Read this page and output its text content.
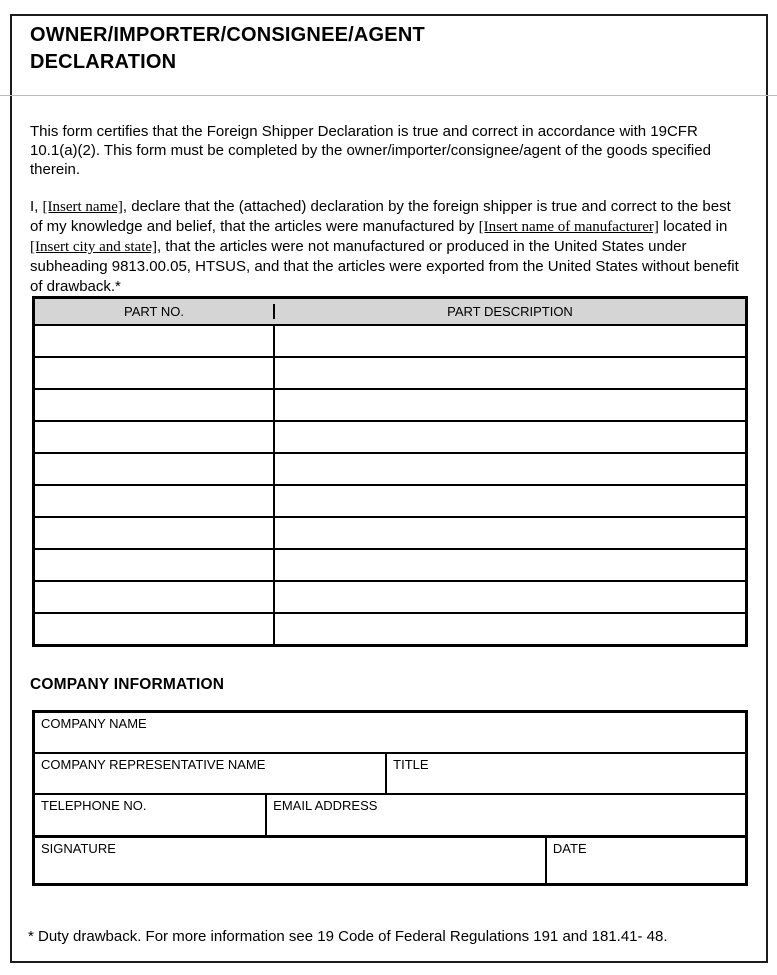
OWNER/IMPORTER/CONSIGNEE/AGENT
DECLARATION

This form certifies that the Foreign Shipper Declaration is true and correct in accordance with 19CFR 10.1(a)(2). This form must be completed by the owner/importer/consignee/agent of the goods specified therein.

I, [Insert name], declare that the (attached) declaration by the foreign shipper is true and correct to the best of my knowledge and belief, that the articles were manufactured by [Insert name of manufacturer] located in [Insert city and state], that the articles were not manufactured or produced in the United States under subheading 9813.00.05, HTSUS, and that the articles were exported from the United States without benefit of drawback.*

PART NO.	PART DESCRIPTION
COMPANY INFORMATION
COMPANY NAME
COMPANY REPRESENTATIVE NAME	TITLE
TELEPHONE NO.	EMAIL ADDRESS
SIGNATURE	DATE
* Duty drawback. For more information see 19 Code of Federal Regulations 191 and 181.41- 48.
